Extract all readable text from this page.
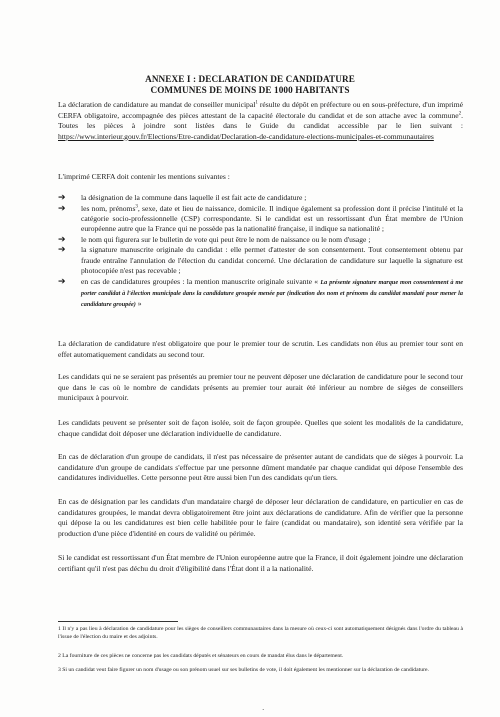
ANNEXE I : DECLARATION DE CANDIDATURE
COMMUNES DE MOINS DE 1000 HABITANTS

La déclaration de candidature au mandat de conseiller municipal$^1$ résulte du dépôt en préfecture ou en sous-préfecture, d'un imprimé CERFA obligatoire, accompagnée des pièces attestant de la capacité électorale du candidat et de son attache avec la commune$^2$. Toutes les pièces à joindre sont listées dans le Guide du candidat accessible par le lien suivant : https://www.interieur.gouv.fr/Elections/Etre-candidat/Declaration-de-candidature-elections-municipales-et-communautaires

L'imprimé CERFA doit contenir les mentions suivantes :

➔ la désignation de la commune dans laquelle il est fait acte de candidature ;
➔ les nom, prénoms$^3$, sexe, date et lieu de naissance, domicile. Il indique également sa profession dont il précise l'intitulé et la catégorie socio-professionnelle (CSP) correspondante. Si le candidat est un ressortissant d'un État membre de l'Union européenne autre que la France qui ne possède pas la nationalité française, il indique sa nationalité ;
➔ le nom qui figurera sur le bulletin de vote qui peut être le nom de naissance ou le nom d'usage ;
➔ la signature manuscrite originale du candidat : elle permet d'attester de son consentement. Tout consentement obtenu par fraude entraîne l'annulation de l'élection du candidat concerné. Une déclaration de candidature sur laquelle la signature est photocopiée n'est pas recevable ;
➔ en cas de candidatures groupées : la mention manuscrite originale suivante « La présente signature marque mon consentement à me porter candidat à l'élection municipale dans la candidature groupée menée par (indication des nom et prénoms du candidat mandaté pour mener la candidature groupée) »

La déclaration de candidature n'est obligatoire que pour le premier tour de scrutin. Les candidats non élus au premier tour sont en effet automatiquement candidats au second tour.

Les candidats qui ne se seraient pas présentés au premier tour ne peuvent déposer une déclaration de candidature pour le second tour que dans le cas où le nombre de candidats présents au premier tour aurait été inférieur au nombre de sièges de conseillers municipaux à pourvoir.

Les candidats peuvent se présenter soit de façon isolée, soit de façon groupée. Quelles que soient les modalités de la candidature, chaque candidat doit déposer une déclaration individuelle de candidature.

En cas de déclaration d'un groupe de candidats, il n'est pas nécessaire de présenter autant de candidats que de sièges à pourvoir. La candidature d'un groupe de candidats s'effectue par une personne dûment mandatée par chaque candidat qui dépose l'ensemble des candidatures individuelles. Cette personne peut être aussi bien l'un des candidats qu'un tiers.

En cas de désignation par les candidats d'un mandataire chargé de déposer leur déclaration de candidature, en particulier en cas de candidatures groupées, le mandat devra obligatoirement être joint aux déclarations de candidature. Afin de vérifier que la personne qui dépose la ou les candidatures est bien celle habilitée pour le faire (candidat ou mandataire), son identité sera vérifiée par la production d'une pièce d'identité en cours de validité ou périmée.

Si le candidat est ressortissant d'un État membre de l'Union européenne autre que la France, il doit également joindre une déclaration certifiant qu'il n'est pas déchu du droit d'éligibilité dans l'État dont il a la nationalité.

1 Il n'y a pas lieu à déclaration de candidature pour les sièges de conseillers communautaires dans la mesure où ceux-ci sont automatiquement désignés dans l'ordre du tableau à l'issue de l'élection du maire et des adjoints.

2 La fourniture de ces pièces ne concerne pas les candidats députés et sénateurs en cours de mandat élus dans le département.

3 Si un candidat veut faire figurer un nom d'usage ou son prénom usuel sur ses bulletins de vote, il doit également les mentionner sur la déclaration de candidature.

·
